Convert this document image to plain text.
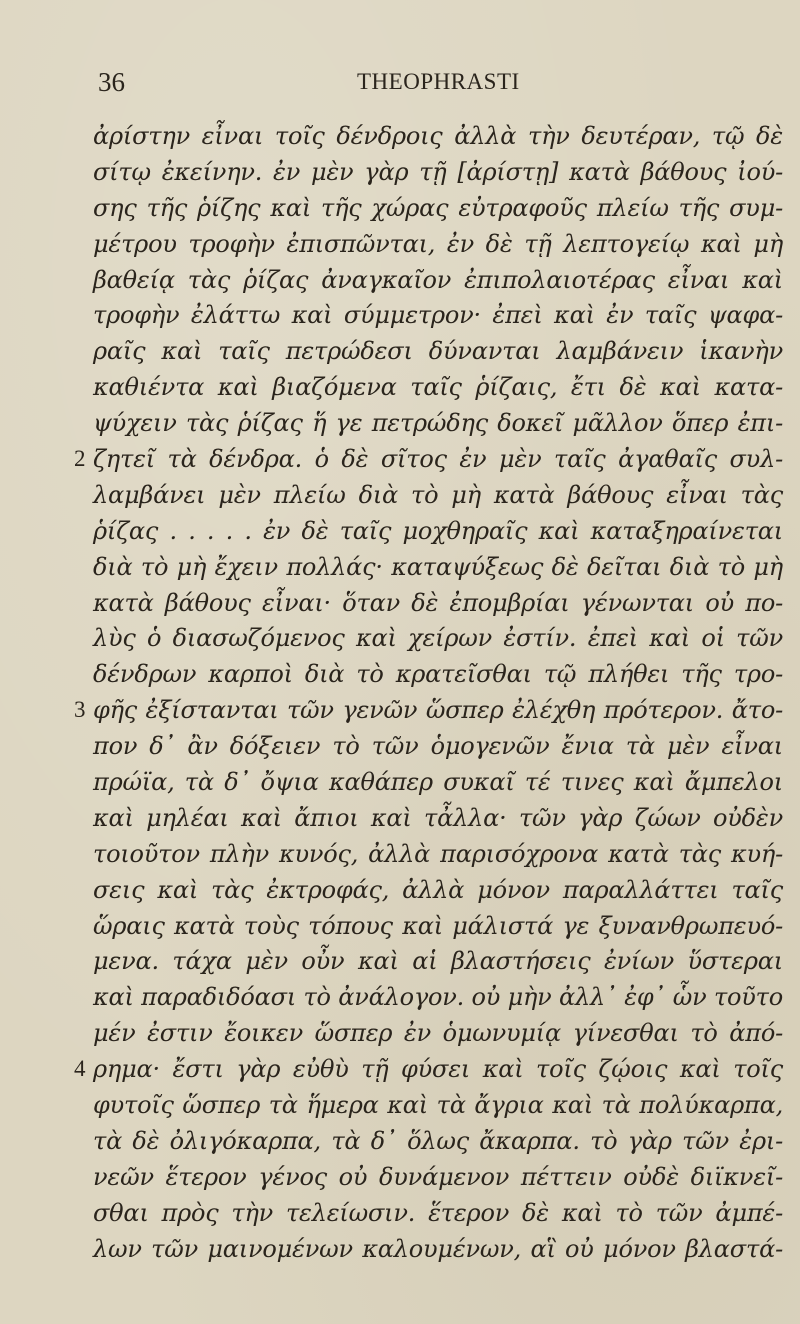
36	THEOPHRASTI
ἀρίστην εἶναι τοῖς δένδροις ἀλλὰ τὴν δευτέραν, τῷ δὲ
σίτῳ ἐκείνην. ἐν μὲν γὰρ τῇ [ἀρίστῃ] κατὰ βάθους ἰού-
σης τῆς ῥίζης καὶ τῆς χώρας εὐτραφοῦς πλείω τῆς συμ-
μέτρου τροφὴν ἐπισπῶνται, ἐν δὲ τῇ λεπτογείῳ καὶ μὴ
βαθείᾳ τὰς ῥίζας ἀναγκαῖον ἐπιπολαιοτέρας εἶναι καὶ
τροφὴν ἐλάττω καὶ σύμμετρον· ἐπεὶ καὶ ἐν ταῖς ψαφα-
ραῖς καὶ ταῖς πετρώδεσι δύνανται λαμβάνειν ἱκανὴν
καθιέντα καὶ βιαζόμενα ταῖς ῥίζαις, ἔτι δὲ καὶ κατα-
ψύχειν τὰς ῥίζας ἥ γε πετρώδης δοκεῖ μᾶλλον ὅπερ ἐπι-
2 ζητεῖ τὰ δένδρα. ὁ δὲ σῖτος ἐν μὲν ταῖς ἀγαθαῖς συλ-
λαμβάνει μὲν πλείω διὰ τὸ μὴ κατὰ βάθους εἶναι τὰς
ῥίζας . . . . . ἐν δὲ ταῖς μοχθηραῖς καὶ καταξηραίνεται
διὰ τὸ μὴ ἔχειν πολλάς· καταψύξεως δὲ δεῖται διὰ τὸ μὴ
κατὰ βάθους εἶναι· ὅταν δὲ ἐπομβρίαι γένωνται οὐ πο-
λὺς ὁ διασωζόμενος καὶ χείρων ἐστίν. ἐπεὶ καὶ οἱ τῶν
δένδρων καρποὶ διὰ τὸ κρατεῖσθαι τῷ πλήθει τῆς τρο-
3 φῆς ἐξίστανται τῶν γενῶν ὥσπερ ἐλέχθη πρότερον. ἄτο-
πον δ᾽ ἂν δόξειεν τὸ τῶν ὁμογενῶν ἔνια τὰ μὲν εἶναι
πρώϊα, τὰ δ᾽ ὄψια καθάπερ συκαῖ τέ τινες καὶ ἄμπελοι
καὶ μηλέαι καὶ ἄπιοι καὶ τἆλλα· τῶν γὰρ ζώων οὐδὲν
τοιοῦτον πλὴν κυνός, ἀλλὰ παρισόχρονα κατὰ τὰς κυή-
σεις καὶ τὰς ἐκτροφάς, ἀλλὰ μόνον παραλλάττει ταῖς
ὥραις κατὰ τοὺς τόπους καὶ μάλιστά γε ξυνανθρωπευό-
μενα. τάχα μὲν οὖν καὶ αἱ βλαστήσεις ἐνίων ὕστεραι
καὶ παραδιδόασι τὸ ἀνάλογον. οὐ μὴν ἀλλ᾽ ἐφ᾽ ὧν τοῦτο
μέν ἐστιν ἔοικεν ὥσπερ ἐν ὁμωνυμίᾳ γίνεσθαι τὸ ἀπό-
4 ρημα· ἔστι γὰρ εὐθὺ τῇ φύσει καὶ τοῖς ζῴοις καὶ τοῖς
φυτοῖς ὥσπερ τὰ ἥμερα καὶ τὰ ἄγρια καὶ τὰ πολύκαρπα,
τὰ δὲ ὀλιγόκαρπα, τὰ δ᾽ ὅλως ἄκαρπα. τὸ γὰρ τῶν ἐρι-
νεῶν ἕτερον γένος οὐ δυνάμενον πέττειν οὐδὲ διϊκνεῖ-
σθαι πρὸς τὴν τελείωσιν. ἕτερον δὲ καὶ τὸ τῶν ἀμπέ-
λων τῶν μαινομένων καλουμένων, αἳ οὐ μόνον βλαστά-
